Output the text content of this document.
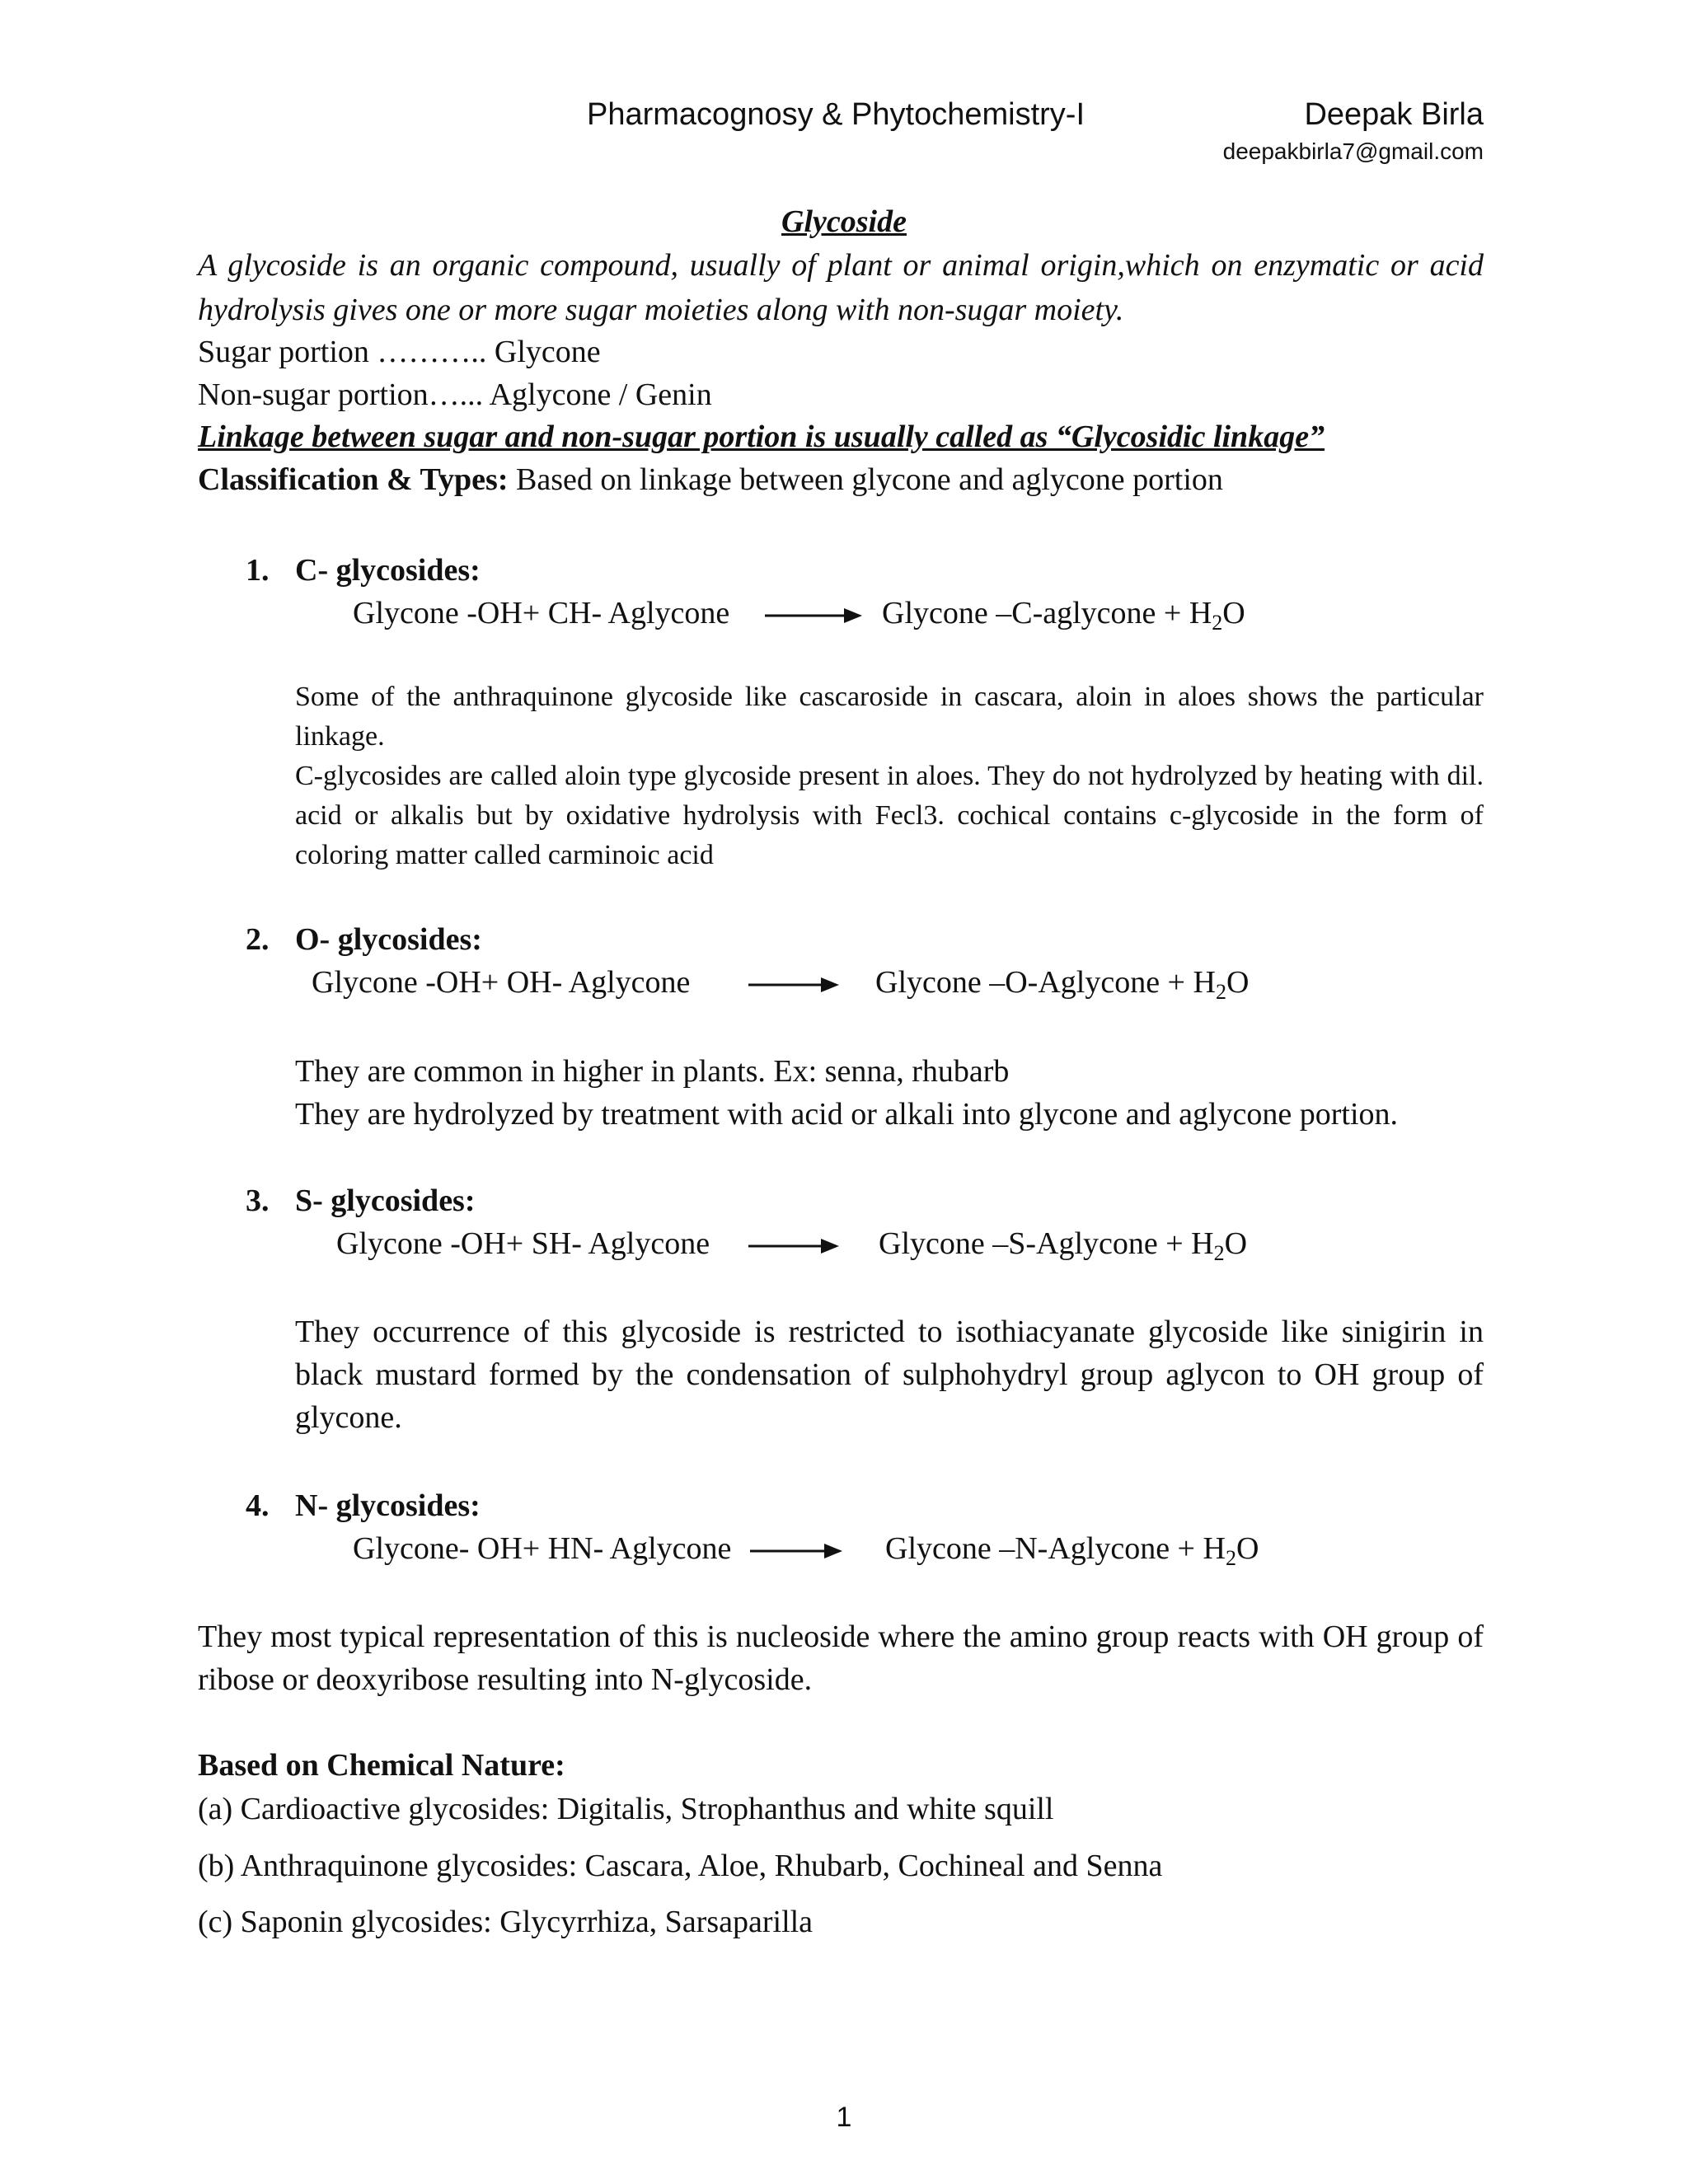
Pharmacognosy & Phytochemistry-I	Deepak Birla
deepakbirla7@gmail.com
Glycoside
A glycoside is an organic compound, usually of plant or animal origin,which on enzymatic or acid hydrolysis gives one or more sugar moieties along with non-sugar moiety.
Sugar portion ……….. Glycone
Non-sugar portion…... Aglycone / Genin
Linkage between sugar and non-sugar portion is usually called as “Glycosidic linkage”
Classification & Types: Based on linkage between glycone and aglycone portion
1. C- glycosides:
Glycone -OH+ CH- Aglycone	Glycone –C-aglycone + $H_2O$
Some of the anthraquinone glycoside like cascaroside in cascara, aloin in aloes shows the particular linkage.
C-glycosides are called aloin type glycoside present in aloes. They do not hydrolyzed by heating with dil. acid or alkalis but by oxidative hydrolysis with Fecl3. cochical contains c-glycoside in the form of coloring matter called carminoic acid
2. O- glycosides:
Glycone -OH+ OH- Aglycone	Glycone –O-Aglycone + $H_2O$
They are common in higher in plants. Ex: senna, rhubarb
They are hydrolyzed by treatment with acid or alkali into glycone and aglycone portion.
3. S- glycosides:
Glycone -OH+ SH- Aglycone	Glycone –S-Aglycone + $H_2O$
They occurrence of this glycoside is restricted to isothiacyanate glycoside like sinigirin in black mustard formed by the condensation of sulphohydryl group aglycon to OH group of glycone.
4. N- glycosides:
Glycone- OH+ HN- Aglycone	Glycone –N-Aglycone + $H_2O$
They most typical representation of this is nucleoside where the amino group reacts with OH group of ribose or deoxyribose resulting into N-glycoside.
Based on Chemical Nature:
(a) Cardioactive glycosides: Digitalis, Strophanthus and white squill
(b) Anthraquinone glycosides: Cascara, Aloe, Rhubarb, Cochineal and Senna
(c) Saponin glycosides: Glycyrrhiza, Sarsaparilla
1
